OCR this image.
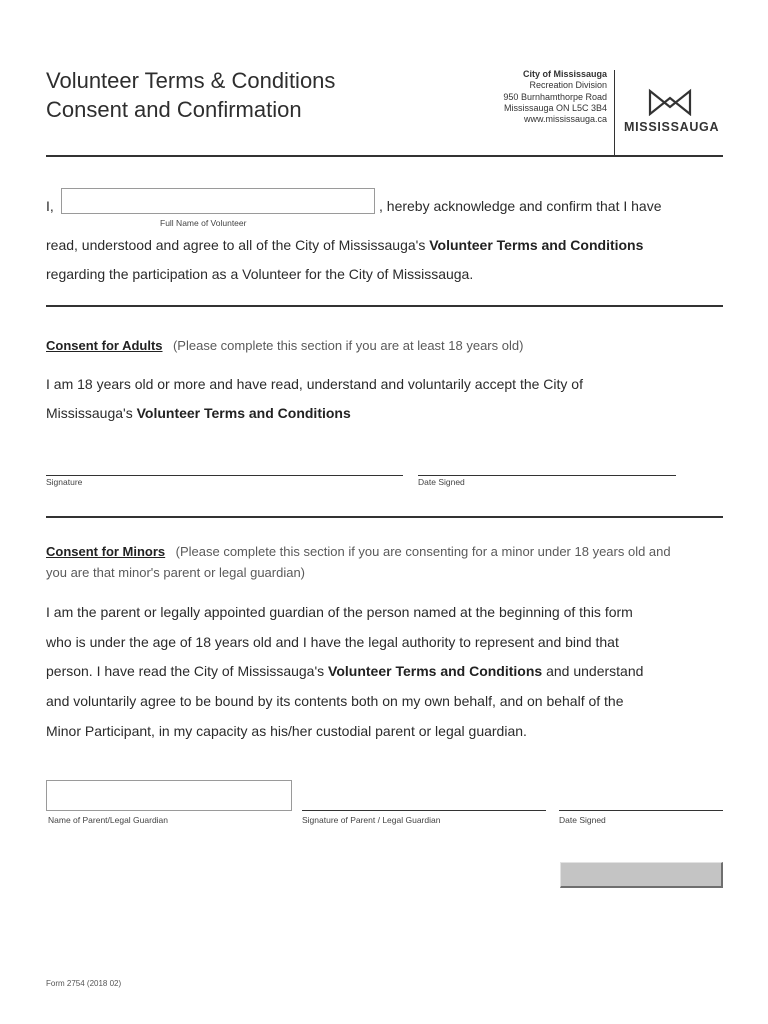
Volunteer Terms & Conditions
Consent and Confirmation
City of Mississauga
Recreation Division
950 Burnhamthorpe Road
Mississauga ON L5C 3B4
www.mississauga.ca
MISSISSAUGA
I,
Full Name of Volunteer
, hereby acknowledge and confirm that I have
read, understood and agree to all of the City of Mississauga's Volunteer Terms and Conditions
regarding the participation as a Volunteer for the City of Mississauga.
Consent for Adults (Please complete this section if you are at least 18 years old)
I am 18 years old or more and have read, understand and voluntarily accept the City of
Mississauga's Volunteer Terms and Conditions
Signature	Date Signed
Consent for Minors (Please complete this section if you are consenting for a minor under 18 years old and
you are that minor's parent or legal guardian)
I am the parent or legally appointed guardian of the person named at the beginning of this form
who is under the age of 18 years old and I have the legal authority to represent and bind that
person. I have read the City of Mississauga's Volunteer Terms and Conditions and understand
and voluntarily agree to be bound by its contents both on my own behalf, and on behalf of the
Minor Participant, in my capacity as his/her custodial parent or legal guardian.
Name of Parent/Legal Guardian	Signature of Parent / Legal Guardian	Date Signed
Form 2754 (2018 02)
